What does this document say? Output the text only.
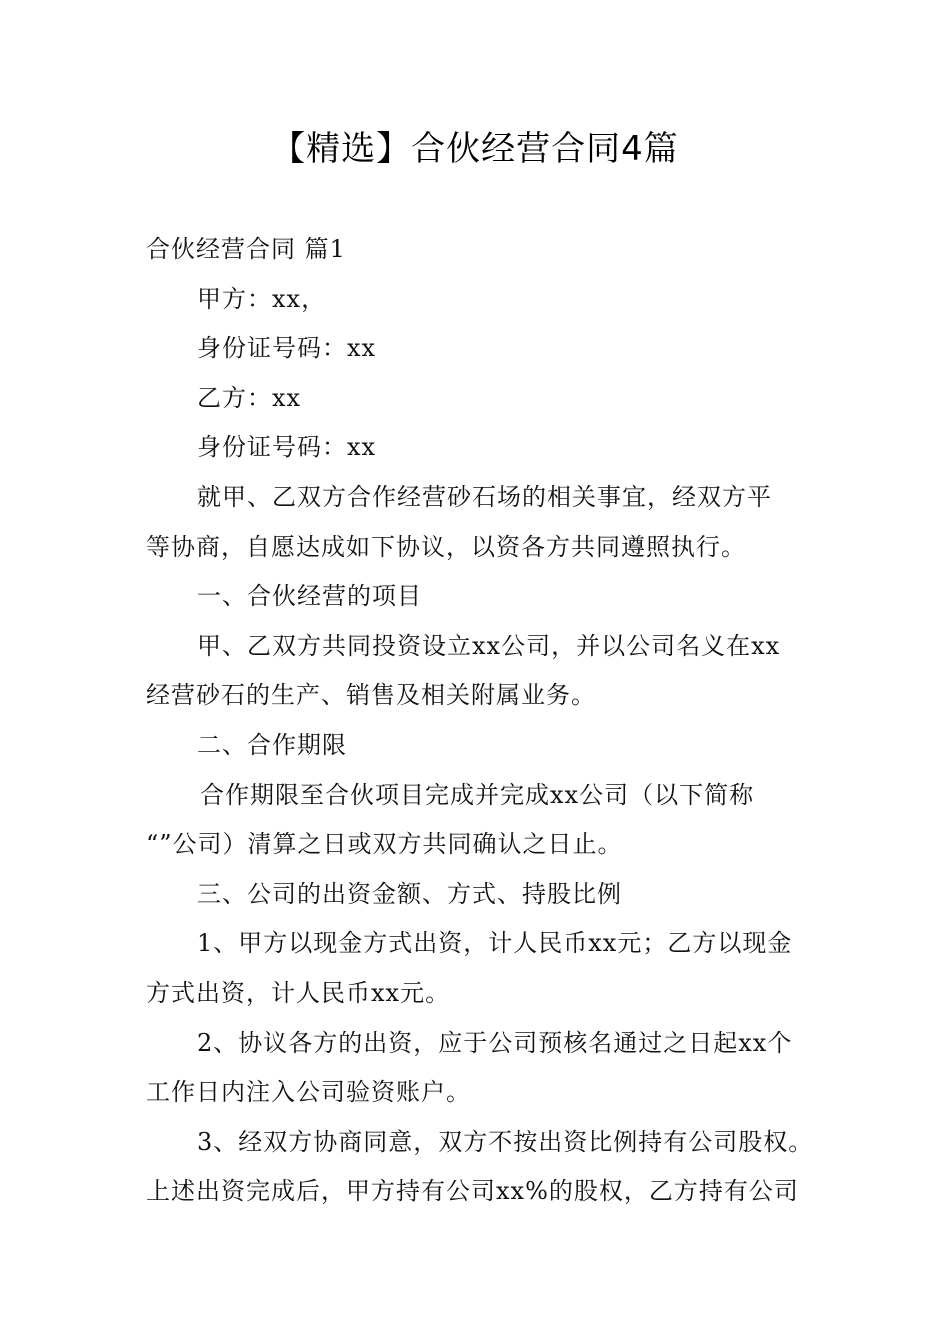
【精选】合伙经营合同4篇

合伙经营合同 篇1

甲方：xx，

身份证号码：xx

乙方：xx

身份证号码：xx

就甲、乙双方合作经营砂石场的相关事宜，经双方平

等协商，自愿达成如下协议，以资各方共同遵照执行。

一、合伙经营的项目

甲、乙双方共同投资设立xx公司，并以公司名义在xx

经营砂石的生产、销售及相关附属业务。

二、合作期限

合作期限至合伙项目完成并完成xx公司（以下简称

“”公司）清算之日或双方共同确认之日止。

三、公司的出资金额、方式、持股比例

1、甲方以现金方式出资，计人民币xx元；乙方以现金

方式出资，计人民币xx元。

2、协议各方的出资，应于公司预核名通过之日起xx个

工作日内注入公司验资账户。

3、经双方协商同意，双方不按出资比例持有公司股权。

上述出资完成后，甲方持有公司xx%的股权，乙方持有公司
